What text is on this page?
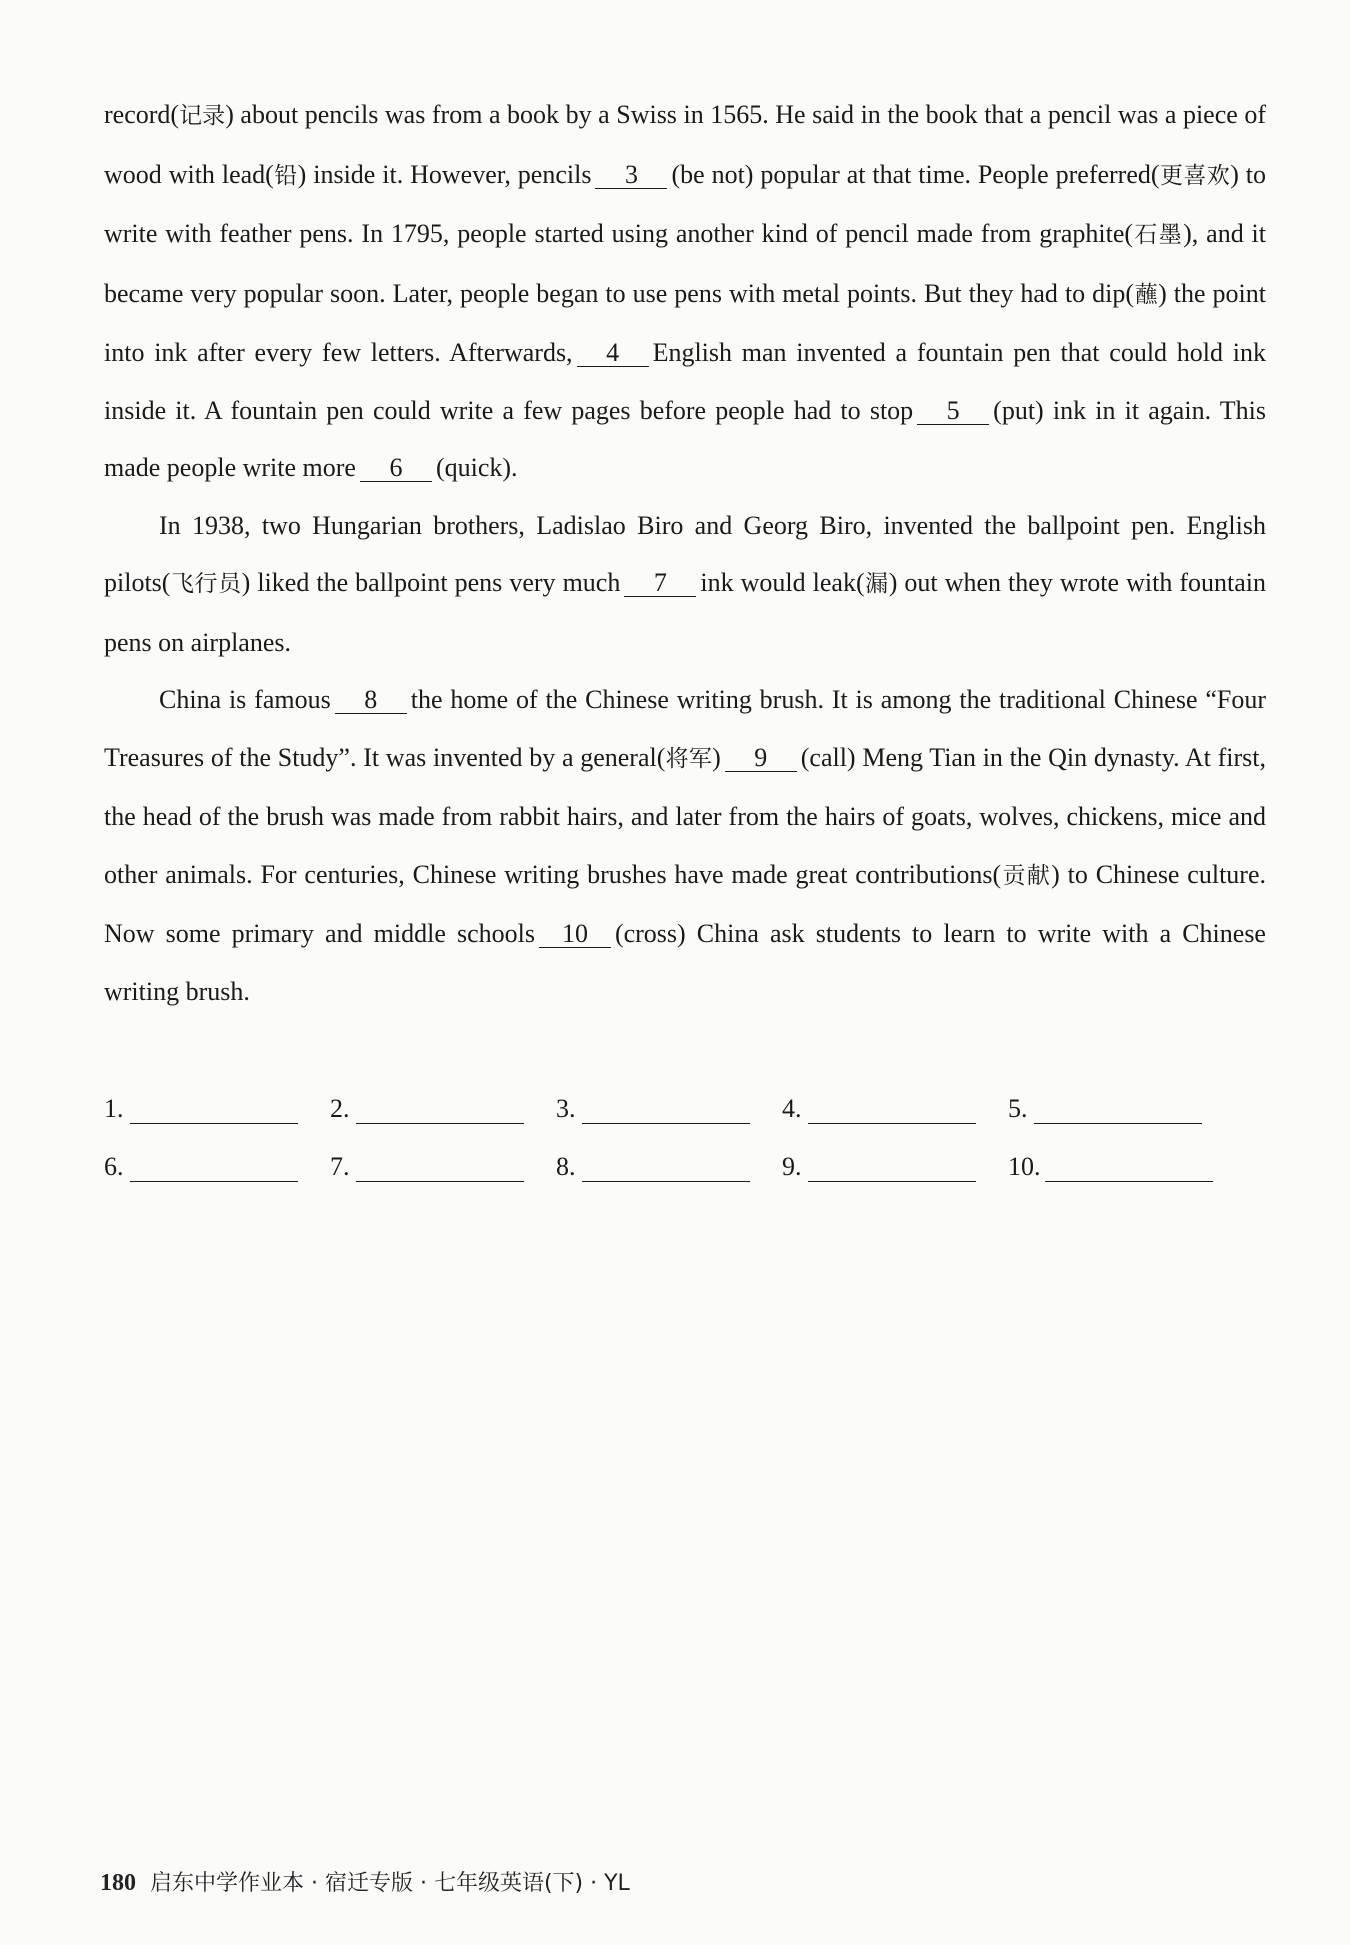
record(记录) about pencils was from a book by a Swiss in 1565. He said in the book that a pencil was a piece of wood with lead(铅) inside it. However, pencils 3 (be not) popular at that time. People preferred(更喜欢) to write with feather pens. In 1795, people started using another kind of pencil made from graphite(石墨), and it became very popular soon. Later, people began to use pens with metal points. But they had to dip(蘸) the point into ink after every few letters. Afterwards, 4 English man invented a fountain pen that could hold ink inside it. A fountain pen could write a few pages before people had to stop 5 (put) ink in it again. This made people write more 6 (quick).

In 1938, two Hungarian brothers, Ladislao Biro and Georg Biro, invented the ballpoint pen. English pilots(飞行员) liked the ballpoint pens very much 7 ink would leak(漏) out when they wrote with fountain pens on airplanes.

China is famous 8 the home of the Chinese writing brush. It is among the traditional Chinese “Four Treasures of the Study”. It was invented by a general(将军) 9 (call) Meng Tian in the Qin dynasty. At first, the head of the brush was made from rabbit hairs, and later from the hairs of goats, wolves, chickens, mice and other animals. For centuries, Chinese writing brushes have made great contributions(贡献) to Chinese culture. Now some primary and middle schools 10 (cross) China ask students to learn to write with a Chinese writing brush.

1.	2.	3.	4.	5.
6.	7.	8.	9.	10.
180 启东中学作业本 · 宿迁专版 · 七年级英语(下) · YL
